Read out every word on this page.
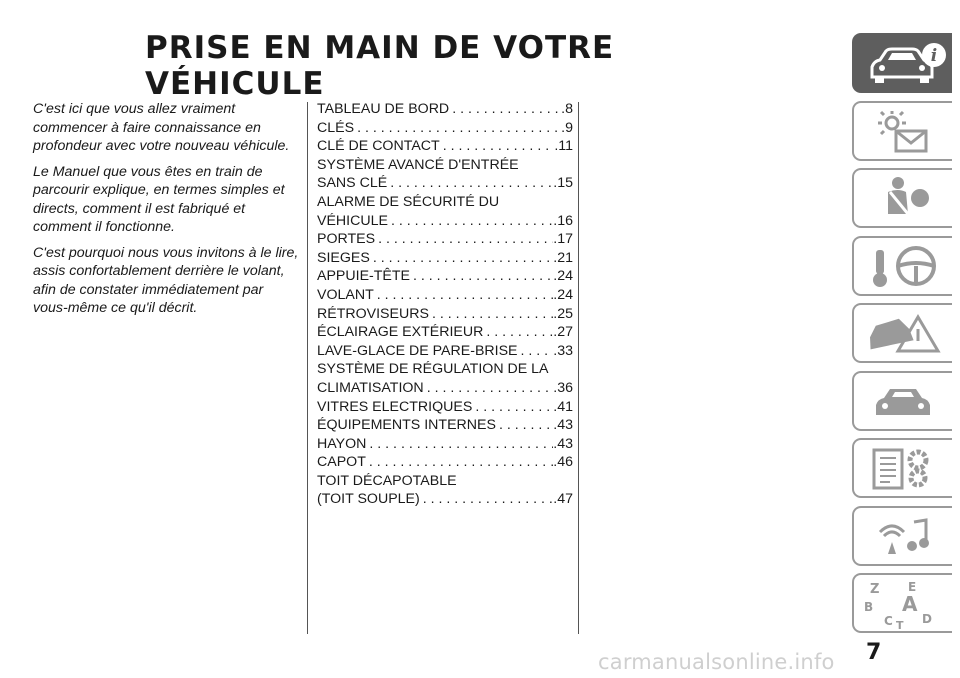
PRISE EN MAIN DE VOTRE VÉHICULE

C'est ici que vous allez vraiment commencer à faire connaissance en profondeur avec votre nouveau véhicule.

Le Manuel que vous êtes en train de parcourir explique, en termes simples et directs, comment il est fabriqué et comment il fonctionne.

C'est pourquoi nous vous invitons à le lire, assis confortablement derrière le volant, afin de constater immédiatement par vous-même ce qu'il décrit.

TABLEAU DE BORD . . .	.8
CLÉS . . .	.9
CLÉ DE CONTACT . . .	.11
SYSTÈME AVANCÉ D'ENTRÉE
SANS CLÉ . . .	.15
ALARME DE SÉCURITÉ DU
VÉHICULE . . .	.16
PORTES . . .	.17
SIEGES . . .	.21
APPUIE-TÊTE . . .	.24
VOLANT . . .	.24
RÉTROVISEURS . . .	.25
ÉCLAIRAGE EXTÉRIEUR . . .	.27
LAVE-GLACE DE PARE-BRISE . . .	.33
SYSTÈME DE RÉGULATION DE LA
CLIMATISATION . . .	.36
VITRES ELECTRIQUES . . .	.41
ÉQUIPEMENTS INTERNES . . .	.43
HAYON . . .	.43
CAPOT . . .	.46
TOIT DÉCAPOTABLE
(TOIT SOUPLE) . . .	.47
i
Z E
B A
C D
T
7
carmanualsonline.info
